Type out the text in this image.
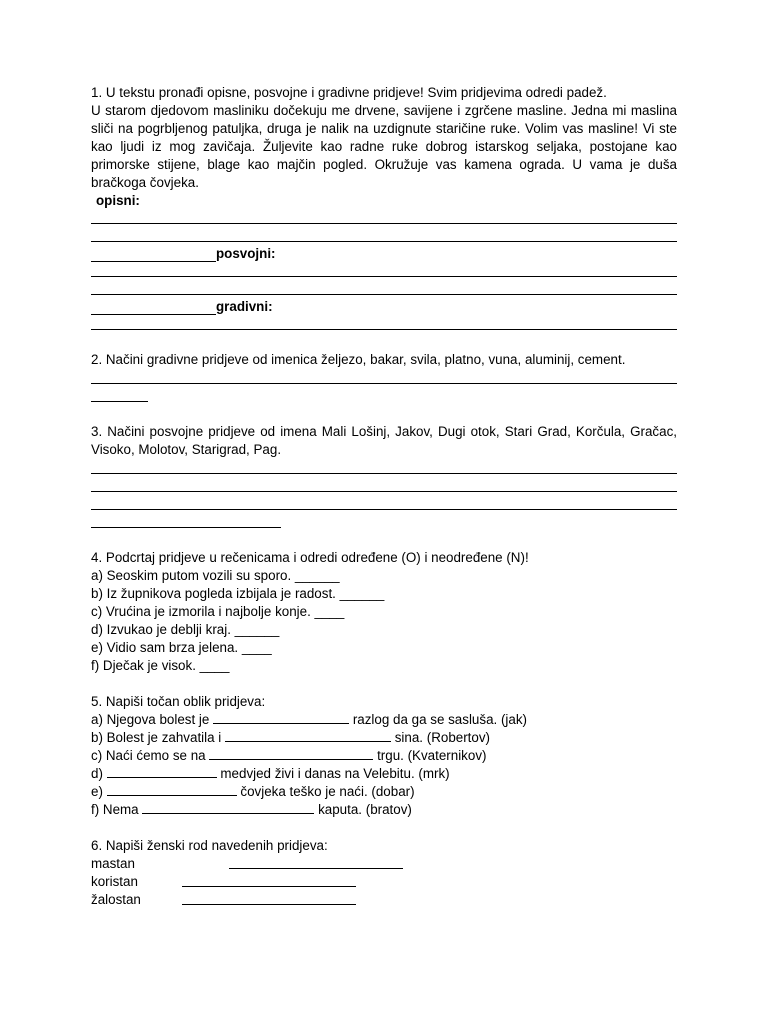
1. U tekstu pronađi opisne, posvojne i gradivne pridjeve! Svim pridjevima odredi padež.

U starom djedovom masliniku dočekuju me drvene, savijene i zgrčene masline. Jedna mi maslina sliči na pogrbljenog patuljka, druga je nalik na uzdignute staričine ruke. Volim vas masline! Vi ste kao ljudi iz mog zavičaja. Žuljevite kao radne ruke dobrog istarskog seljaka, postojane kao primorske stijene, blage kao majčin pogled. Okružuje vas kamena ograda. U vama je duša bračkoga čovjeka.

opisni:
posvojni:
gradivni:

2. Načini gradivne pridjeve od imenica željezo, bakar, svila, platno, vuna, aluminij, cement.

3. Načini posvojne pridjeve od imena Mali Lošinj, Jakov, Dugi otok, Stari Grad, Korčula, Gračac, Visoko, Molotov, Starigrad, Pag.

4. Podcrtaj pridjeve u rečenicama i odredi određene (O) i neodređene (N)!

a) Seoskim putom vozili su sporo. ______

b) Iz župnikova pogleda izbijala je radost. ______

c) Vrućina je izmorila i najbolje konje. ____

d) Izvukao je deblji kraj. ______

e) Vidio sam brza jelena. ____

f) Dječak je visok. ____

5. Napiši točan oblik pridjeva:

a) Njegova bolest je	razlog da ga se sasluša. (jak)

b) Bolest je zahvatila i	sina. (Robertov)

c) Naći ćemo se na	trgu. (Kvaternikov)

d)	medvjed živi i danas na Velebitu. (mrk)

e)	čovjeka teško je naći. (dobar)

f) Nema	kaputa. (bratov)

6. Napiši ženski rod navedenih pridjeva:

mastan
koristan
žalostan
